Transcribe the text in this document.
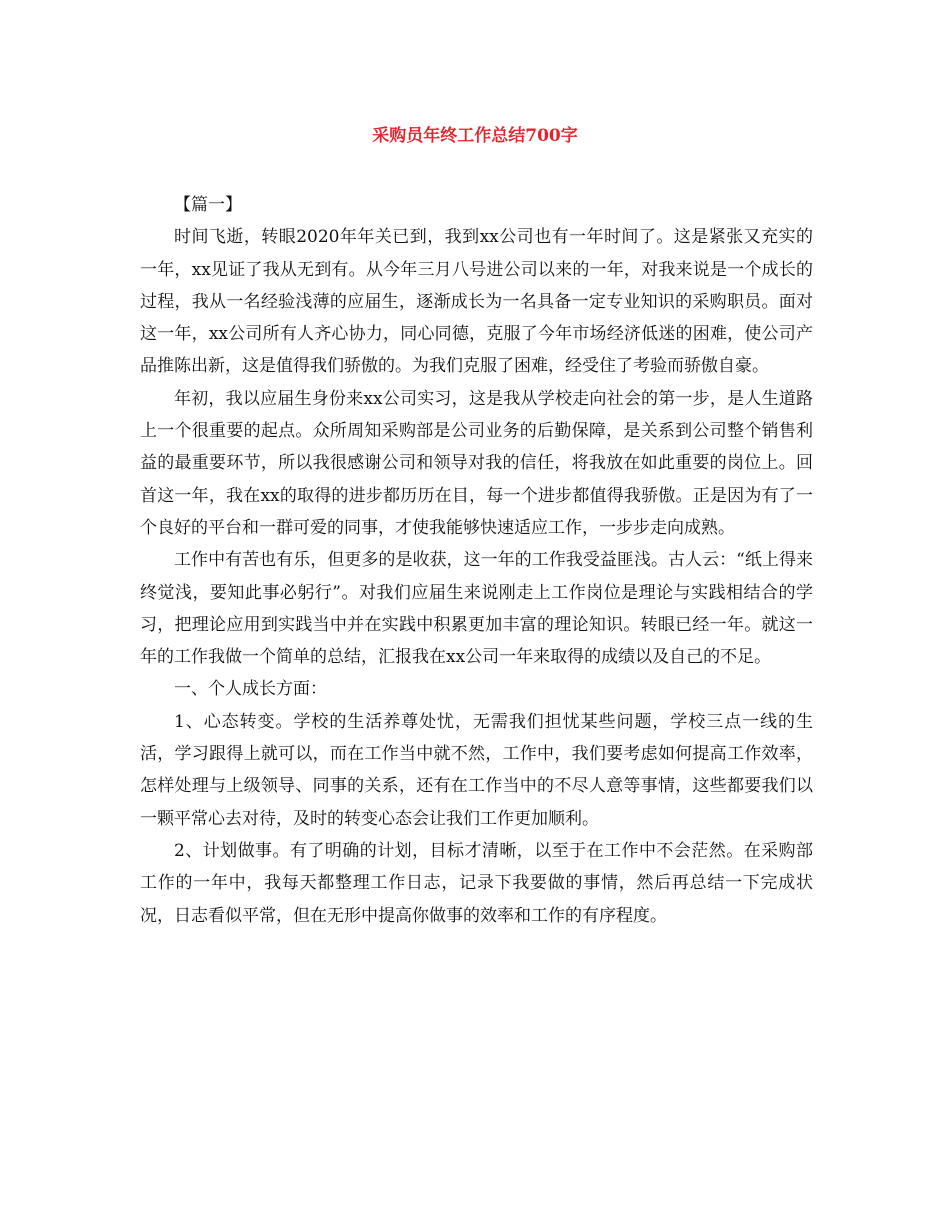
采购员年终工作总结700字

【篇一】

时间飞逝，转眼2020年年关已到，我到xx公司也有一年时间了。这是紧张又充实的一年，xx见证了我从无到有。从今年三月八号进公司以来的一年，对我来说是一个成长的过程，我从一名经验浅薄的应届生，逐渐成长为一名具备一定专业知识的采购职员。面对这一年，xx公司所有人齐心协力，同心同德，克服了今年市场经济低迷的困难，使公司产品推陈出新，这是值得我们骄傲的。为我们克服了困难，经受住了考验而骄傲自豪。

年初，我以应届生身份来xx公司实习，这是我从学校走向社会的第一步，是人生道路上一个很重要的起点。众所周知采购部是公司业务的后勤保障，是关系到公司整个销售利益的最重要环节，所以我很感谢公司和领导对我的信任，将我放在如此重要的岗位上。回首这一年，我在xx的取得的进步都历历在目，每一个进步都值得我骄傲。正是因为有了一个良好的平台和一群可爱的同事，才使我能够快速适应工作，一步步走向成熟。

工作中有苦也有乐，但更多的是收获，这一年的工作我受益匪浅。古人云：“纸上得来终觉浅，要知此事必躬行”。对我们应届生来说刚走上工作岗位是理论与实践相结合的学习，把理论应用到实践当中并在实践中积累更加丰富的理论知识。转眼已经一年。就这一年的工作我做一个简单的总结，汇报我在xx公司一年来取得的成绩以及自己的不足。

一、个人成长方面：

1、心态转变。学校的生活养尊处忧，无需我们担忧某些问题，学校三点一线的生活，学习跟得上就可以，而在工作当中就不然，工作中，我们要考虑如何提高工作效率，怎样处理与上级领导、同事的关系，还有在工作当中的不尽人意等事情，这些都要我们以一颗平常心去对待，及时的转变心态会让我们工作更加顺利。

2、计划做事。有了明确的计划，目标才清晰，以至于在工作中不会茫然。在采购部工作的一年中，我每天都整理工作日志，记录下我要做的事情，然后再总结一下完成状况，日志看似平常，但在无形中提高你做事的效率和工作的有序程度。
